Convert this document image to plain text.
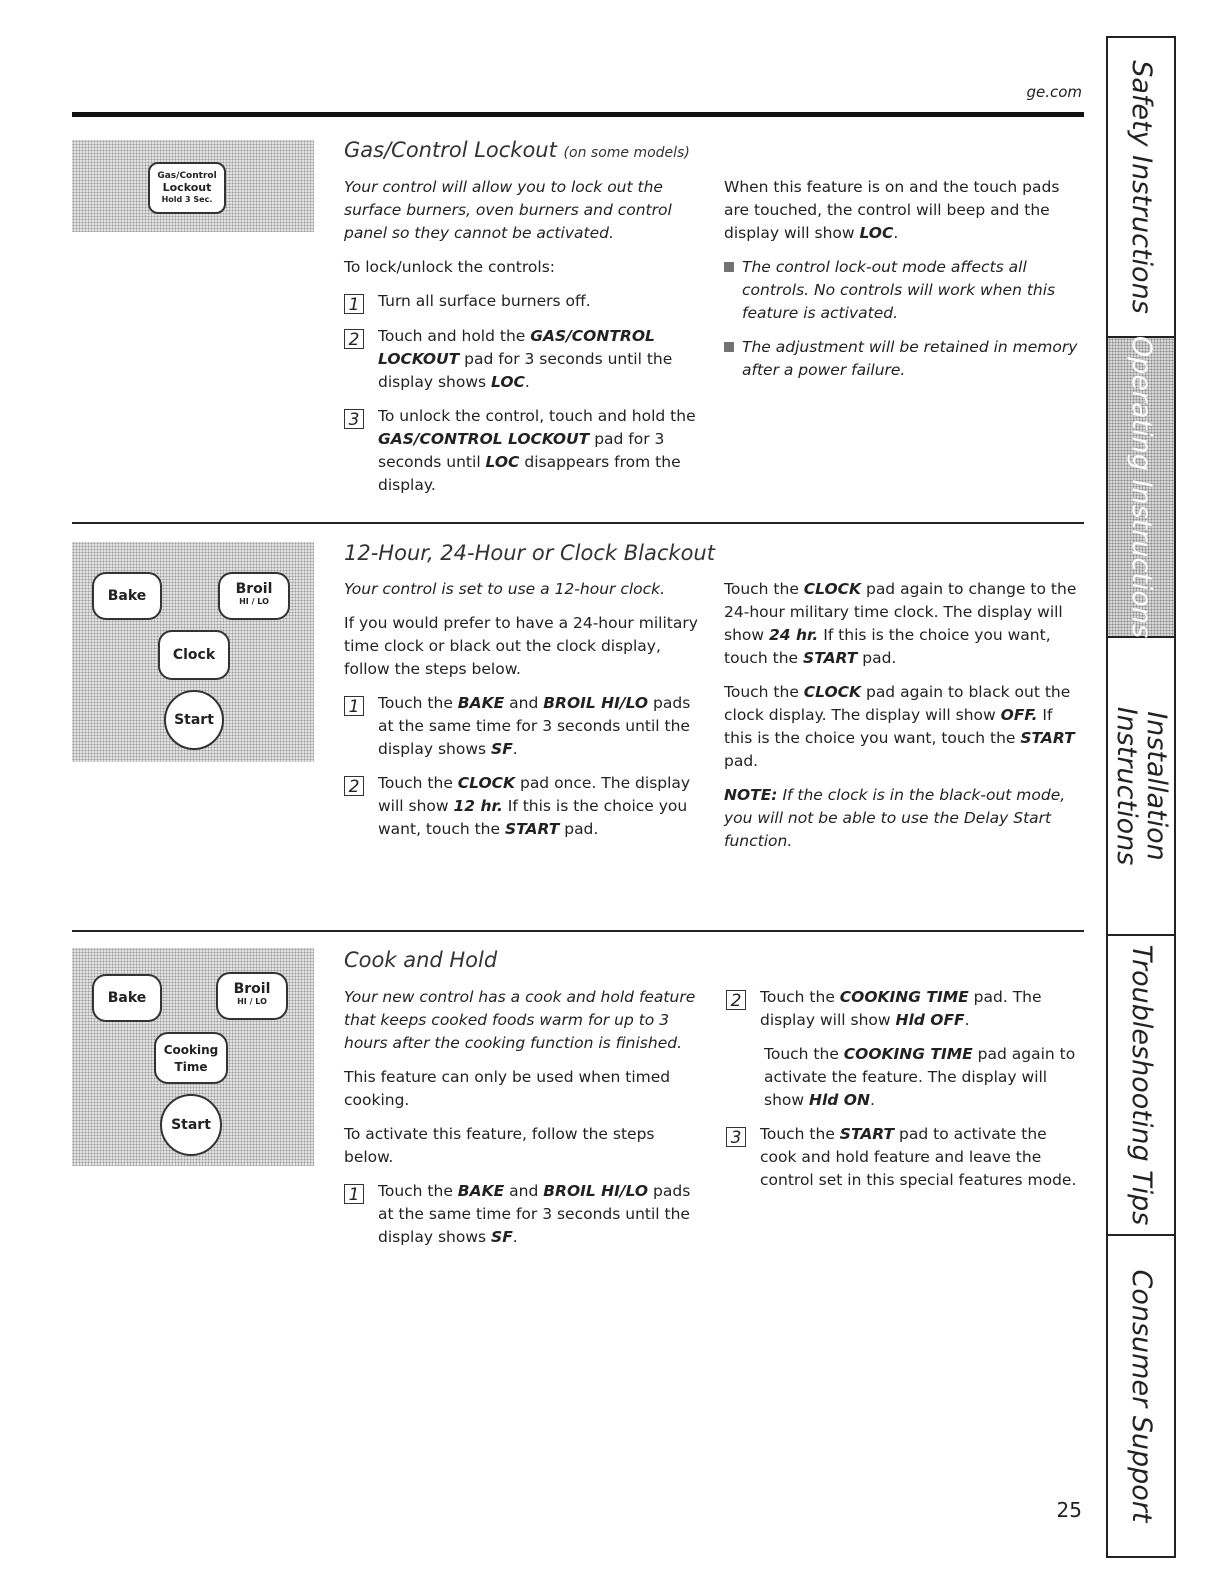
ge.com
Gas/Control
Lockout
Hold 3 Sec.
Gas/Control Lockout (on some models)

Your control will allow you to lock out the surface burners, oven burners and control panel so they cannot be activated.

To lock/unlock the controls:

1 Turn all surface burners off.
2 Touch and hold the GAS/CONTROL LOCKOUT pad for 3 seconds until the display shows LOC.
3 To unlock the control, touch and hold the GAS/CONTROL LOCKOUT pad for 3 seconds until LOC disappears from the display.

When this feature is on and the touch pads are touched, the control will beep and the display will show LOC.

The control lock-out mode affects all controls. No controls will work when this feature is activated.
The adjustment will be retained in memory after a power failure.
Bake	Broil
HI / LO
Clock
Start
12-Hour, 24-Hour or Clock Blackout

Your control is set to use a 12-hour clock.

If you would prefer to have a 24-hour military time clock or black out the clock display, follow the steps below.

1 Touch the BAKE and BROIL HI/LO pads at the same time for 3 seconds until the display shows SF.
2 Touch the CLOCK pad once. The display will show 12 hr. If this is the choice you want, touch the START pad.

Touch the CLOCK pad again to change to the 24-hour military time clock. The display will show 24 hr. If this is the choice you want, touch the START pad.

Touch the CLOCK pad again to black out the clock display. The display will show OFF. If this is the choice you want, touch the START pad.

NOTE: If the clock is in the black-out mode, you will not be able to use the Delay Start function.

Bake
Broil
HI / LO
Cooking
Time
Start
Cook and Hold

Your new control has a cook and hold feature that keeps cooked foods warm for up to 3 hours after the cooking function is finished.

This feature can only be used when timed cooking.

To activate this feature, follow the steps below.

1 Touch the BAKE and BROIL HI/LO pads at the same time for 3 seconds until the display shows SF.
2 Touch the COOKING TIME pad. The display will show Hld OFF.
Touch the COOKING TIME pad again to activate the feature. The display will show Hld ON.
3 Touch the START pad to activate the cook and hold feature and leave the control set in this special features mode.
25
Safety Instructions
Operating Instructions
Installation Instructions
Troubleshooting Tips
Consumer Support
